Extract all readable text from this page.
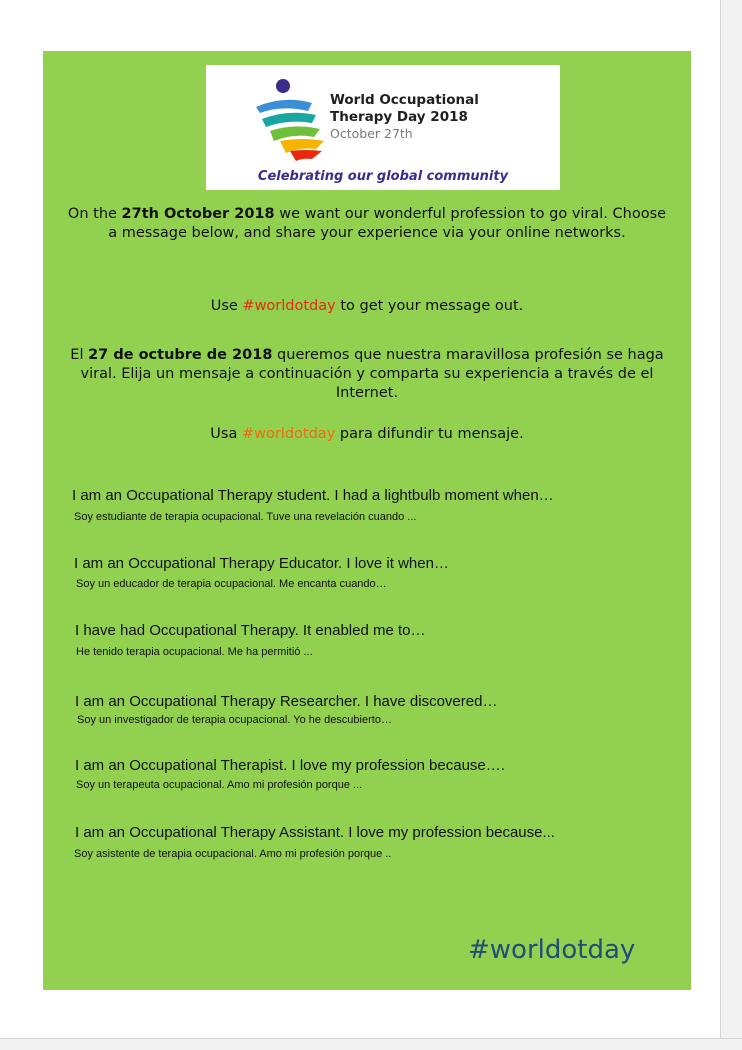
World Occupational
Therapy Day 2018
October 27th
Celebrating our global community
On the 27th October 2018 we want our wonderful profession to go viral. Choose a message below, and share your experience via your online networks.
Use #worldotday to get your message out.
El 27 de octubre de 2018 queremos que nuestra maravillosa profesión se haga viral. Elija un mensaje a continuación y comparta su experiencia a través de el Internet.
Usa #worldotday para difundir tu mensaje.
I am an Occupational Therapy student. I had a lightbulb moment when…
Soy estudiante de terapia ocupacional. Tuve una revelación cuando ...
I am an Occupational Therapy Educator. I love it when…
Soy un educador de terapia ocupacional. Me encanta cuando…
I have had Occupational Therapy. It enabled me to…
He tenido terapia ocupacional. Me ha permitió ...
I am an Occupational Therapy Researcher. I have discovered…
Soy un investigador de terapia ocupacional. Yo he descubierto…
I am an Occupational Therapist. I love my profession because….
Soy un terapeuta ocupacional. Amo mi profesión porque ...
I am an Occupational Therapy Assistant. I love my profession because...
Soy asistente de terapia ocupacional. Amo mi profesión porque ..
#worldotday
